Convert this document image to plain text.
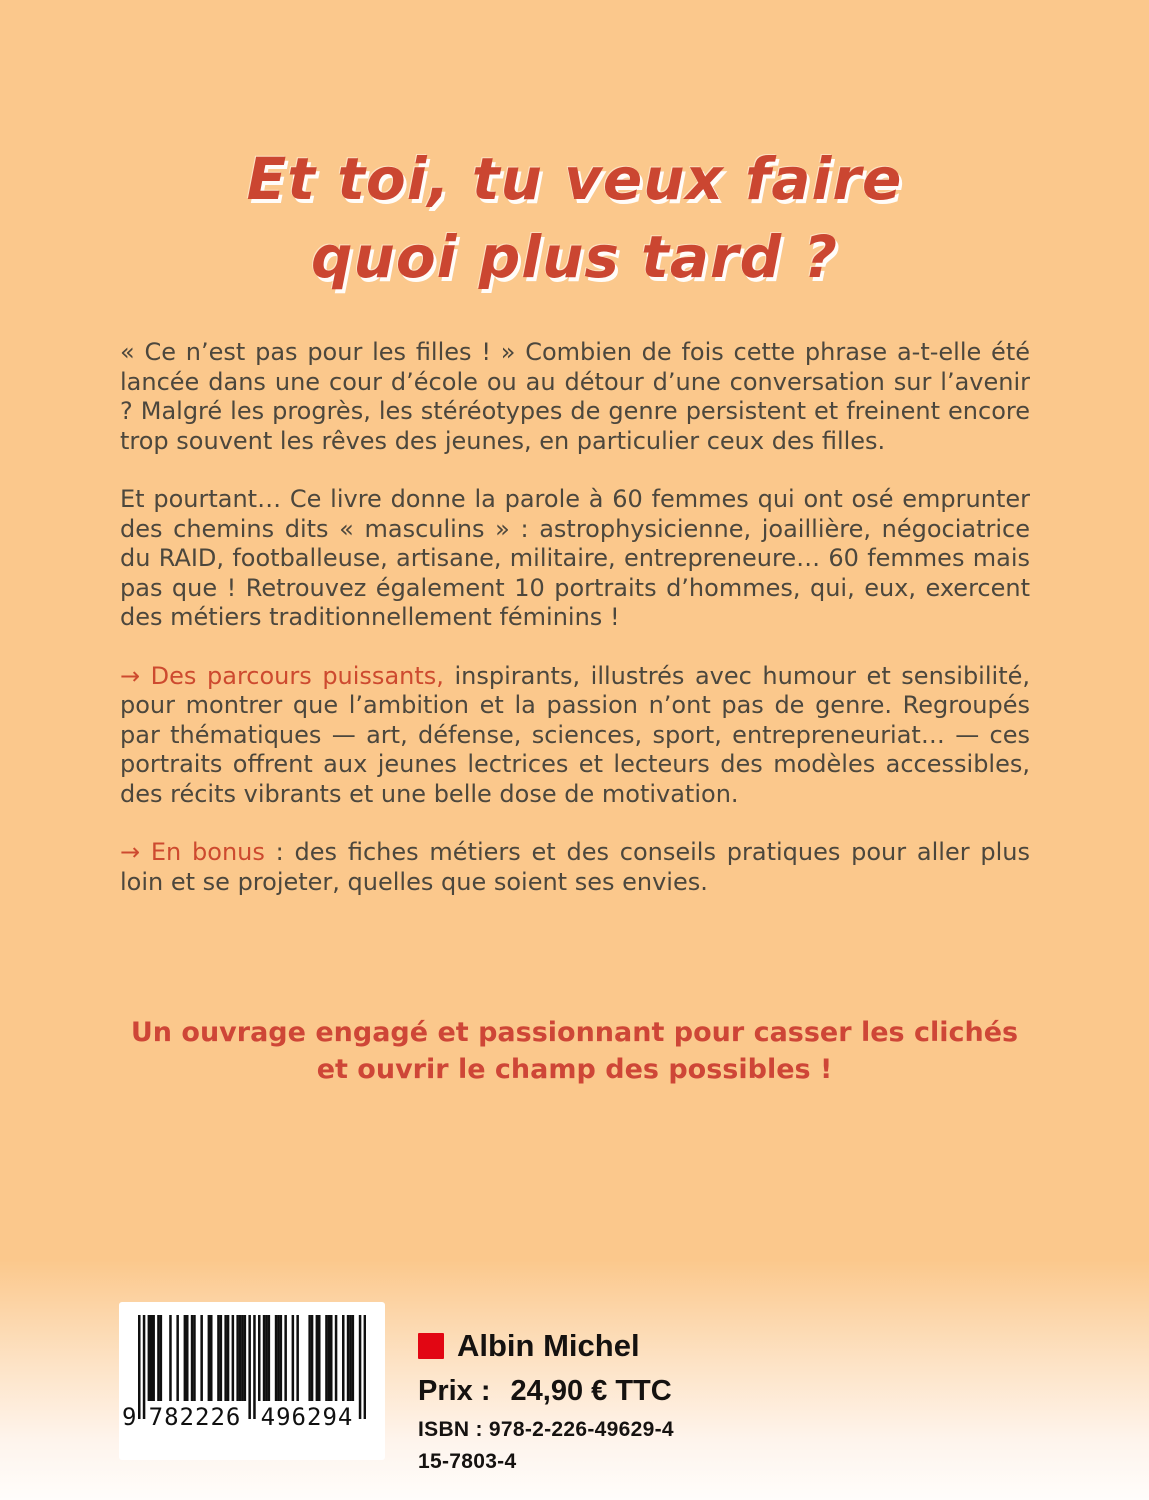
Et toi, tu veux faire
quoi plus tard ?

« Ce n’est pas pour les filles ! » Combien de fois cette phrase a-t-elle été lancée dans une cour d’école ou au détour d’une conversation sur l’avenir ? Malgré les progrès, les stéréotypes de genre persistent et freinent encore trop souvent les rêves des jeunes, en particulier ceux des filles.

Et pourtant… Ce livre donne la parole à 60 femmes qui ont osé emprunter des chemins dits « masculins » : astrophysicienne, joaillière, négociatrice du RAID, footballeuse, artisane, militaire, entrepreneure… 60 femmes mais pas que ! Retrouvez également 10 portraits d’hommes, qui, eux, exercent des métiers traditionnellement féminins !

→ Des parcours puissants, inspirants, illustrés avec humour et sensibilité, pour montrer que l’ambition et la passion n’ont pas de genre. Regroupés par thématiques — art, défense, sciences, sport, entrepreneuriat… — ces portraits offrent aux jeunes lectrices et lecteurs des modèles accessibles, des récits vibrants et une belle dose de motivation.

→ En bonus : des fiches métiers et des conseils pratiques pour aller plus loin et se projeter, quelles que soient ses envies.

Un ouvrage engagé et passionnant pour casser les clichés
et ouvrir le champ des possibles !
9 782226 496294
Albin Michel
Prix : 24,90 € TTC
ISBN : 978-2-226-49629-4
15-7803-4
